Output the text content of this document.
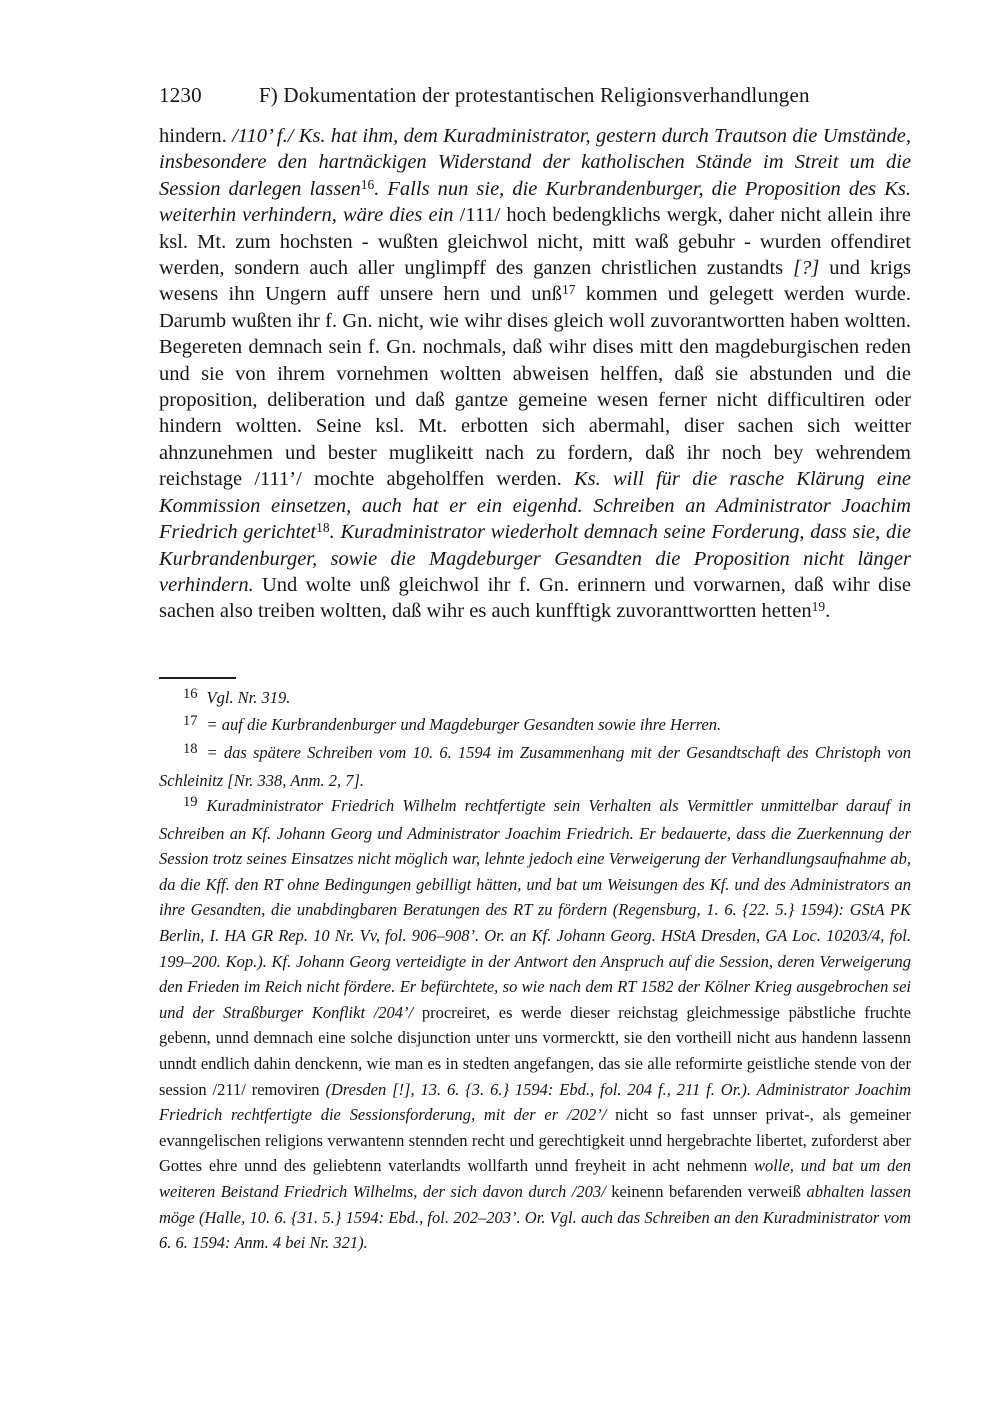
1230	F) Dokumentation der protestantischen Religionsverhandlungen
hindern. /110’ f./ Ks. hat ihm, dem Kuradministrator, gestern durch Trautson die Umstände, insbesondere den hartnäckigen Widerstand der katholischen Stände im Streit um die Session darlegen lassen$^{16}$. Falls nun sie, die Kurbrandenburger, die Proposition des Ks. weiterhin verhindern, wäre dies ein /111/ hoch bedengklichs wergk, daher nicht allein ihre ksl. Mt. zum hochsten - wußten gleichwol nicht, mitt waß gebuhr - wurden offendiret werden, sondern auch aller unglimpff des ganzen christlichen zustandts [?] und krigs wesens ihn Ungern auff unsere hern und unß$^{17}$ kommen und gelegett werden wurde. Darumb wußten ihr f. Gn. nicht, wie wihr dises gleich woll zuvorantwortten haben woltten. Begereten demnach sein f. Gn. nochmals, daß wihr dises mitt den magdeburgischen reden und sie von ihrem vornehmen woltten abweisen helffen, daß sie abstunden und die proposition, deliberation und daß gantze gemeine wesen ferner nicht difficultiren oder hindern woltten. Seine ksl. Mt. erbotten sich abermahl, diser sachen sich weitter ahnzunehmen und bester muglikeitt nach zu fordern, daß ihr noch bey wehrendem reichstage /111’/ mochte abgeholffen werden. Ks. will für die rasche Klärung eine Kommission einsetzen, auch hat er ein eigenhd. Schreiben an Administrator Joachim Friedrich gerichtet$^{18}$. Kuradministrator wiederholt demnach seine Forderung, dass sie, die Kurbrandenburger, sowie die Magdeburger Gesandten die Proposition nicht länger verhindern. Und wolte unß gleichwol ihr f. Gn. erinnern und vorwarnen, daß wihr dise sachen also treiben woltten, daß wihr es auch kunfftigk zuvoranttwortten hetten$^{19}$.
16 Vgl. Nr. 319.
17 = auf die Kurbrandenburger und Magdeburger Gesandten sowie ihre Herren.
18 = das spätere Schreiben vom 10. 6. 1594 im Zusammenhang mit der Gesandtschaft des Christoph von Schleinitz [Nr. 338, Anm. 2, 7].
19 Kuradministrator Friedrich Wilhelm rechtfertigte sein Verhalten als Vermittler unmittelbar darauf in Schreiben an Kf. Johann Georg und Administrator Joachim Friedrich. Er bedauerte, dass die Zuerkennung der Session trotz seines Einsatzes nicht möglich war, lehnte jedoch eine Verweigerung der Verhandlungsaufnahme ab, da die Kff. den RT ohne Bedingungen gebilligt hätten, und bat um Weisungen des Kf. und des Administrators an ihre Gesandten, die unabdingbaren Beratungen des RT zu fördern (Regensburg, 1. 6. {22. 5.} 1594): GStA PK Berlin, I. HA GR Rep. 10 Nr. Vv, fol. 906–908’. Or. an Kf. Johann Georg. HStA Dresden, GA Loc. 10203/4, fol. 199–200. Kop.). Kf. Johann Georg verteidigte in der Antwort den Anspruch auf die Session, deren Verweigerung den Frieden im Reich nicht fördere. Er befürchtete, so wie nach dem RT 1582 der Kölner Krieg ausgebrochen sei und der Straßburger Konflikt /204’/ procreiret, es werde dieser reichstag gleichmessige päbstliche fruchte gebenn, unnd demnach eine solche disjunction unter uns vormercktt, sie den vortheill nicht aus handenn lassenn unndt endlich dahin denckenn, wie man es in stedten angefangen, das sie alle reformirte geistliche stende von der session /211/ removiren (Dresden [!], 13. 6. {3. 6.} 1594: Ebd., fol. 204 f., 211 f. Or.). Administrator Joachim Friedrich rechtfertigte die Sessionsforderung, mit der er /202’/ nicht so fast unnser privat-, als gemeiner evanngelischen religions verwantenn stennden recht und gerechtigkeit unnd hergebrachte libertet, zuforderst aber Gottes ehre unnd des geliebtenn vaterlandts wollfarth unnd freyheit in acht nehmenn wolle, und bat um den weiteren Beistand Friedrich Wilhelms, der sich davon durch /203/ keinenn befarenden verweiß abhalten lassen möge (Halle, 10. 6. {31. 5.} 1594: Ebd., fol. 202–203’. Or. Vgl. auch das Schreiben an den Kuradministrator vom 6. 6. 1594: Anm. 4 bei Nr. 321).
